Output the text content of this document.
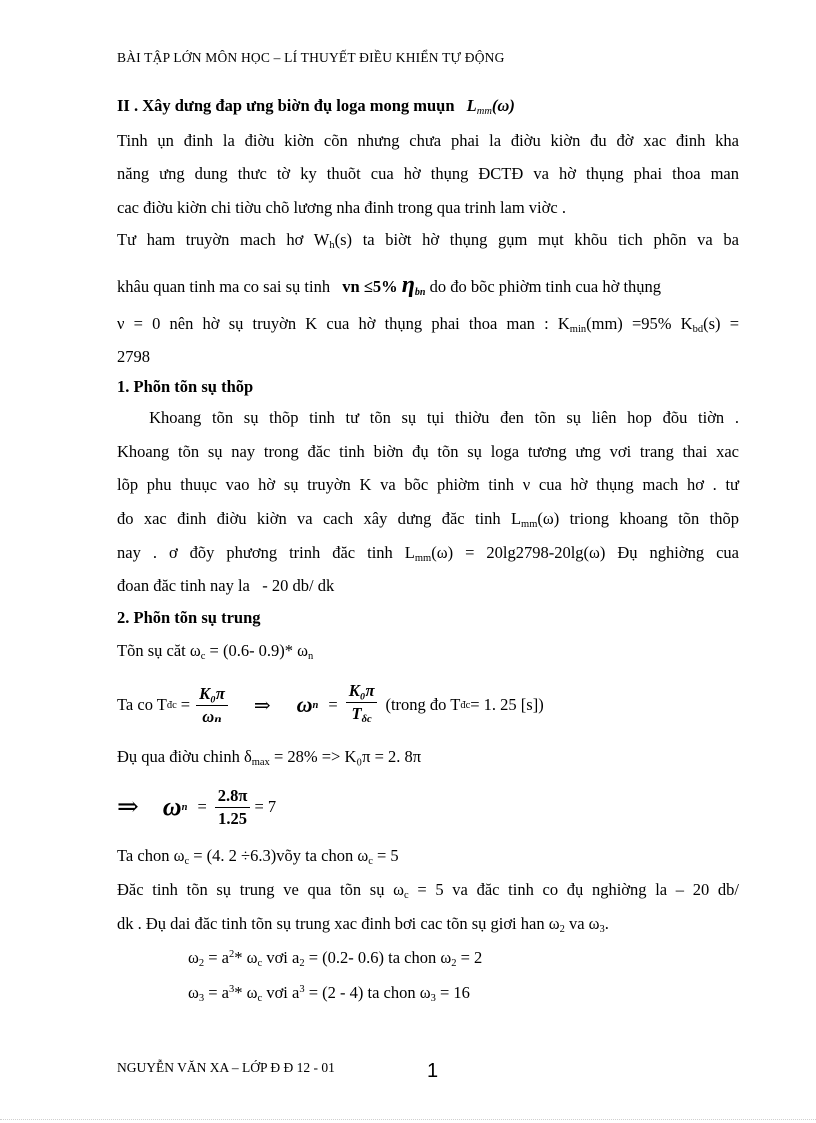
BÀI TẬP LỚN MÔN HỌC – LÍ THUYẾT ĐIỀU KHIỂN TỰ ĐỘNG
II . Xây dưng đap ưng biờn đụ loga mong muụn $L_{mm}(\omega)$
Tinh ụn đinh la điờu kiờn cõn nhưng chưa phai la điờu kiờn đu đờ xac đinh kha
năng ưng dung thưc tờ ky thuõt cua hờ thụng ĐCTĐ va hờ thụng phai thoa man
cac điờu kiờn chi tiờu chõ lương nha đinh trong qua trinh lam viờc .
Tư ham truyờn mach hơ $W_h(s)$ ta biờt hờ thụng gụm mụt khõu tich phõn va ba
khâu quan tinh ma co sai sụ tinh vn ≤5% $\eta_{bn}$ do đo bõc phiờm tinh cua hờ thụng
ν = 0 nên hờ sụ truyờn K cua hờ thụng phai thoa man : $K_{min}(mm) =95\%$ $K_{bd}(s)$ =
2798
1. Phõn tõn sụ thõp
Khoang tõn sụ thõp tinh tư tõn sụ tụi thiờu đen tõn sụ liên hop đõu tiờn .
Khoang tõn sụ nay trong đăc tinh biờn đụ tõn sụ loga tương ưng vơi trang thai xac
lõp phu thuục vao hờ sụ truyờn K va bõc phiờm tinh ν cua hờ thụng mach hơ . tư
đo xac đinh điờu kiờn va cach xây dưng đăc tinh $L_{mm}(\omega)$ triong khoang tõn thõp
nay . ơ đõy phương trinh đăc tinh $L_{mm}(\omega) = 20\lg 2798-20\lg(\omega)$ Đụ nghiờng cua
đoan đăc tinh nay la   - 20 db/ dk
2. Phõn tõn sụ trung
Tõn sụ căt $\omega_c = (0.6-$ 0.9)* $\omega_n$
Ta co T đc = $\frac{\text{K₀π}}{\text{ωₙ}}$ ⇒ ω $n = \frac{\text{K₀π}}{T_{\delta c}}$ (trong đo T đc = 1. 25 [s])
Đụ qua điờu chinh $\delta_{max} = 28\% => K_0\pi = 2$. 8π
⇒ ω $n = \frac{2.8\pi}{1.25} = 7$
Ta chon $\omega_c = (4$. 2 ÷6.3)võy ta chon $\omega_c = 5$
Đăc tinh tõn sụ trung ve qua tõn sụ $\omega_c = 5$ va đăc tinh co đụ nghiờng la – 20 db/
dk . Đụ dai đăc tinh tõn sụ trung xac đinh bơi cac tõn sụ giơi han $\omega_2$ va $\omega_3$.
$\omega_2 = a^2*$ $\omega_c$ vơi $a_2 = (0.2-$ 0.6) ta chon $\omega_2 = 2$
$\omega_3 = a^3*$ $\omega_c$ vơi $a^3 = (2 - 4)$ ta chon $\omega_3 = 16$
NGUYỄN VĂN XA – LỚP Đ Đ 12 - 01	1
